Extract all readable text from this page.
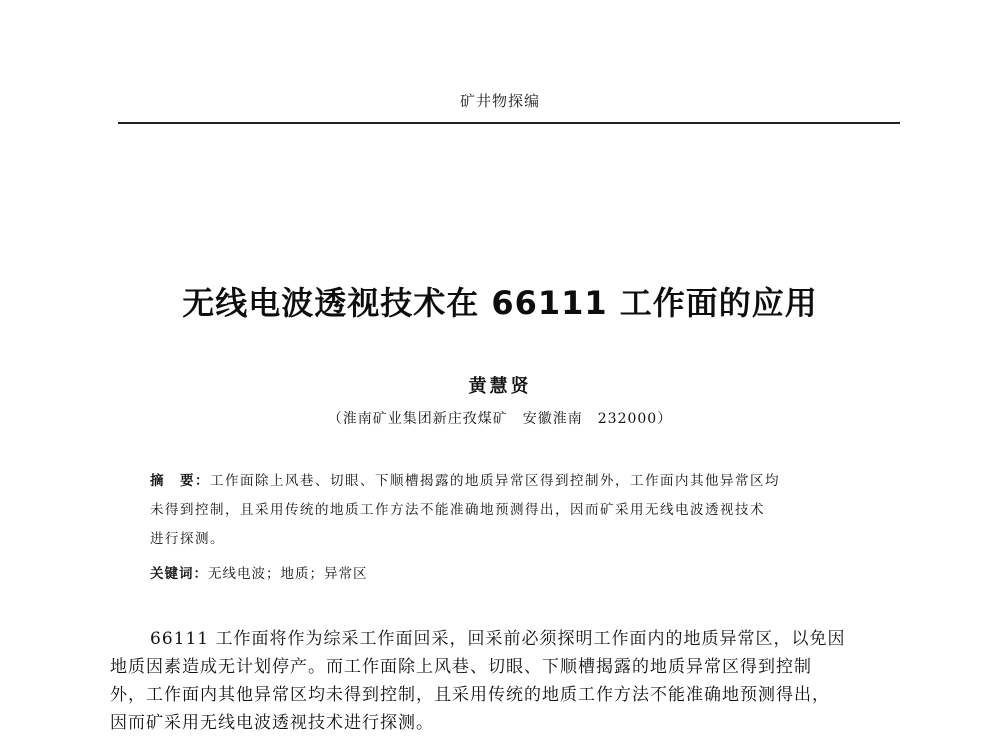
矿井物探编
无线电波透视技术在 66111 工作面的应用
黄慧贤
（淮南矿业集团新庄孜煤矿　安徽淮南　232000）
摘　要：工作面除上风巷、切眼、下顺槽揭露的地质异常区得到控制外，工作面内其他异常区均
未得到控制，且采用传统的地质工作方法不能准确地预测得出，因而矿采用无线电波透视技术
进行探测。
关键词：无线电波；地质；异常区
66111 工作面将作为综采工作面回采，回采前必须探明工作面内的地质异常区，以免因
地质因素造成无计划停产。而工作面除上风巷、切眼、下顺槽揭露的地质异常区得到控制
外，工作面内其他异常区均未得到控制，且采用传统的地质工作方法不能准确地预测得出，
因而矿采用无线电波透视技术进行探测。
